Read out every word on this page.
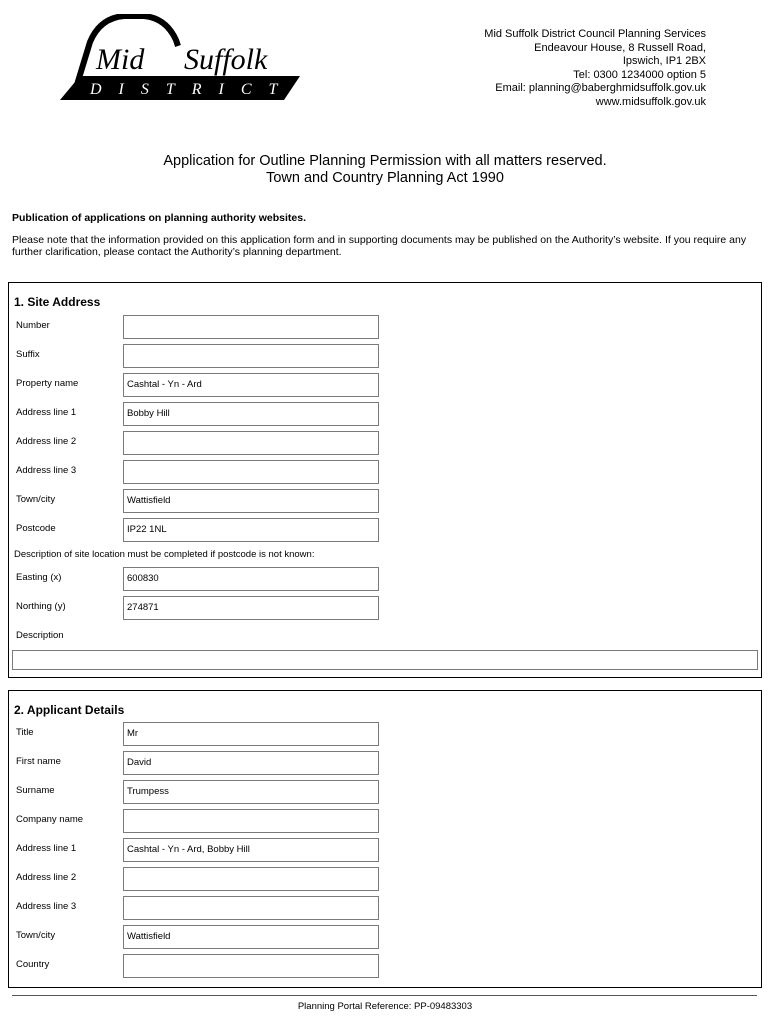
Mid Suffolk
DISTRICT
Mid Suffolk District Council Planning Services
Endeavour House, 8 Russell Road,
Ipswich, IP1 2BX
Tel: 0300 1234000 option 5
Email: planning@baberghmidsuffolk.gov.uk
www.midsuffolk.gov.uk
Application for Outline Planning Permission with all matters reserved.
Town and Country Planning Act 1990
Publication of applications on planning authority websites.
Please note that the information provided on this application form and in supporting documents may be published on the Authority’s website. If you require any further clarification, please contact the Authority’s planning department.
1. Site Address
Number
Suffix
Property name	Cashtal - Yn - Ard
Address line 1	Bobby Hill
Address line 2
Address line 3
Town/city	Wattisfield
Postcode	IP22 1NL
Description of site location must be completed if postcode is not known:
Easting (x)	600830
Northing (y)	274871
Description
2. Applicant Details
Title	Mr
First name	David
Surname	Trumpess
Company name
Address line 1	Cashtal - Yn - Ard, Bobby Hill
Address line 2
Address line 3
Town/city	Wattisfield
Country
Planning Portal Reference: PP-09483303
